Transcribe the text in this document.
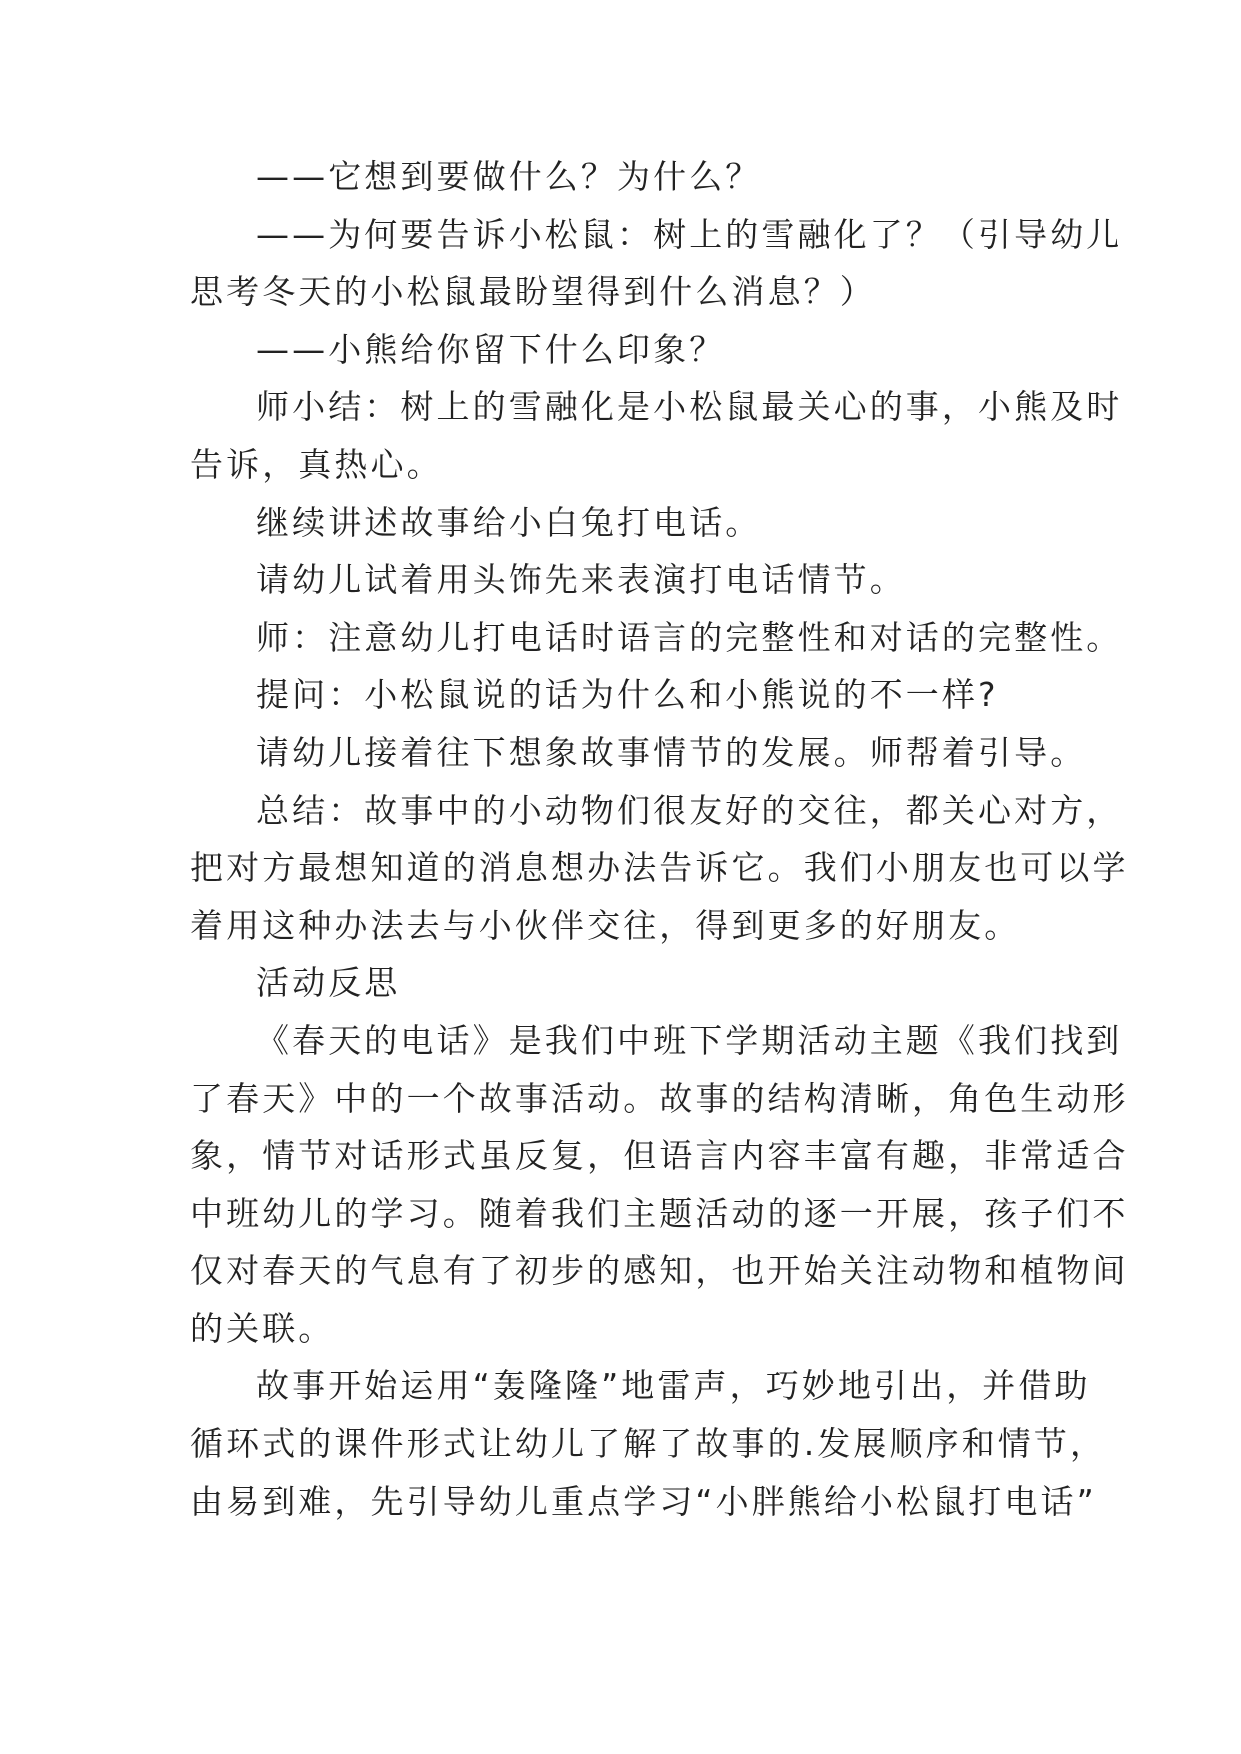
——它想到要做什么？为什么？
——为何要告诉小松鼠：树上的雪融化了？（引导幼儿
思考冬天的小松鼠最盼望得到什么消息？）
——小熊给你留下什么印象？
师小结：树上的雪融化是小松鼠最关心的事，小熊及时
告诉，真热心。
继续讲述故事给小白兔打电话。
请幼儿试着用头饰先来表演打电话情节。
师：注意幼儿打电话时语言的完整性和对话的完整性。
提问：小松鼠说的话为什么和小熊说的不一样?
请幼儿接着往下想象故事情节的发展。师帮着引导。
总结：故事中的小动物们很友好的交往，都关心对方，
把对方最想知道的消息想办法告诉它。我们小朋友也可以学
着用这种办法去与小伙伴交往，得到更多的好朋友。
活动反思
《春天的电话》是我们中班下学期活动主题《我们找到
了春天》中的一个故事活动。故事的结构清晰，角色生动形
象，情节对话形式虽反复，但语言内容丰富有趣，非常适合
中班幼儿的学习。随着我们主题活动的逐一开展，孩子们不
仅对春天的气息有了初步的感知，也开始关注动物和植物间
的关联。
故事开始运用“轰隆隆”地雷声，巧妙地引出，并借助
循环式的课件形式让幼儿了解了故事的.发展顺序和情节，
由易到难，先引导幼儿重点学习“小胖熊给小松鼠打电话”
